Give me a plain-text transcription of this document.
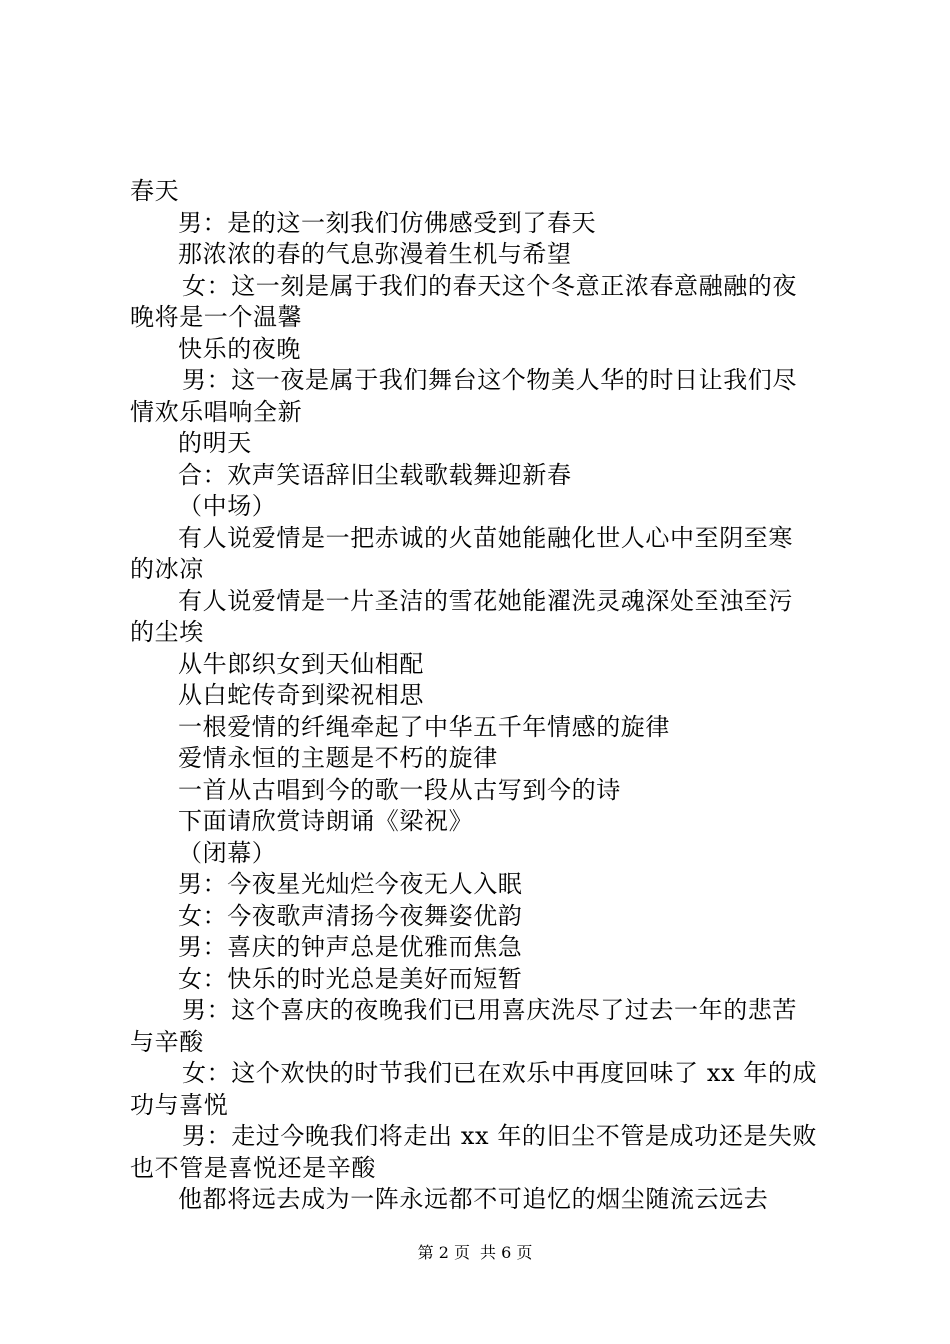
春天
男：是的这一刻我们仿佛感受到了春天
那浓浓的春的气息弥漫着生机与希望
女：这一刻是属于我们的春天这个冬意正浓春意融融的夜
晚将是一个温馨
快乐的夜晚
男：这一夜是属于我们舞台这个物美人华的时日让我们尽
情欢乐唱响全新
的明天
合：欢声笑语辞旧尘载歌载舞迎新春
（中场）
有人说爱情是一把赤诚的火苗她能融化世人心中至阴至寒
的冰凉
有人说爱情是一片圣洁的雪花她能濯洗灵魂深处至浊至污
的尘埃
从牛郎织女到天仙相配
从白蛇传奇到梁祝相思
一根爱情的纤绳牵起了中华五千年情感的旋律
爱情永恒的主题是不朽的旋律
一首从古唱到今的歌一段从古写到今的诗
下面请欣赏诗朗诵《梁祝》
（闭幕）
男：今夜星光灿烂今夜无人入眠
女：今夜歌声清扬今夜舞姿优韵
男：喜庆的钟声总是优雅而焦急
女：快乐的时光总是美好而短暂
男：这个喜庆的夜晚我们已用喜庆洗尽了过去一年的悲苦
与辛酸
女：这个欢快的时节我们已在欢乐中再度回味了 xx 年的成
功与喜悦
男：走过今晚我们将走出 xx 年的旧尘不管是成功还是失败
也不管是喜悦还是辛酸
他都将远去成为一阵永远都不可追忆的烟尘随流云远去
第 2 页 共 6 页
